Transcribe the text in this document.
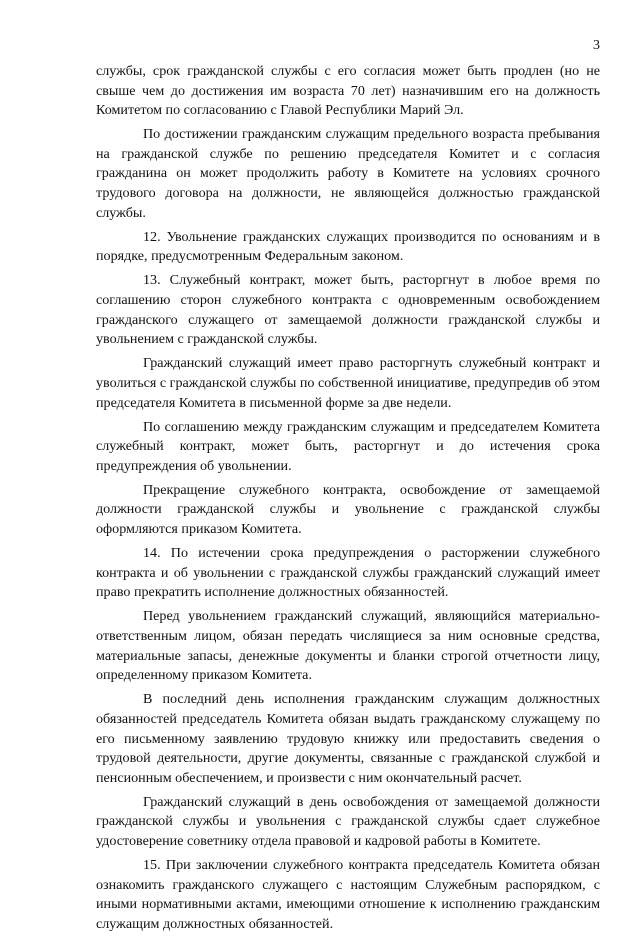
3

службы, срок гражданской службы с его согласия может быть продлен (но не свыше чем до достижения им возраста 70 лет) назначившим его на должность Комитетом по согласованию с Главой Республики Марий Эл.

По достижении гражданским служащим предельного возраста пребывания на гражданской службе по решению председателя Комитет и с согласия гражданина он может продолжить работу в Комитете на условиях срочного трудового договора на должности, не являющейся должностью гражданской службы.

12. Увольнение гражданских служащих производится по основаниям и в порядке, предусмотренным Федеральным законом.

13. Служебный контракт, может быть, расторгнут в любое время по соглашению сторон служебного контракта с одновременным освобождением гражданского служащего от замещаемой должности гражданской службы и увольнением с гражданской службы.

Гражданский служащий имеет право расторгнуть служебный контракт и уволиться с гражданской службы по собственной инициативе, предупредив об этом председателя Комитета в письменной форме за две недели.

По соглашению между гражданским служащим и председателем Комитета служебный контракт, может быть, расторгнут и до истечения срока предупреждения об увольнении.

Прекращение служебного контракта, освобождение от замещаемой должности гражданской службы и увольнение с гражданской службы оформляются приказом Комитета.

14. По истечении срока предупреждения о расторжении служебного контракта и об увольнении с гражданской службы гражданский служащий имеет право прекратить исполнение должностных обязанностей.

Перед увольнением гражданский служащий, являющийся материально-ответственным лицом, обязан передать числящиеся за ним основные средства, материальные запасы, денежные документы и бланки строгой отчетности лицу, определенному приказом Комитета.

В последний день исполнения гражданским служащим должностных обязанностей председатель Комитета обязан выдать гражданскому служащему по его письменному заявлению трудовую книжку или предоставить сведения о трудовой деятельности, другие документы, связанные с гражданской службой и пенсионным обеспечением, и произвести с ним окончательный расчет.

Гражданский служащий в день освобождения от замещаемой должности гражданской службы и увольнения с гражданской службы сдает служебное удостоверение советнику отдела правовой и кадровой работы в Комитете.

15. При заключении служебного контракта председатель Комитета обязан ознакомить гражданского служащего с настоящим Служебным распорядком, с иными нормативными актами, имеющими отношение к исполнению гражданским служащим должностных обязанностей.
